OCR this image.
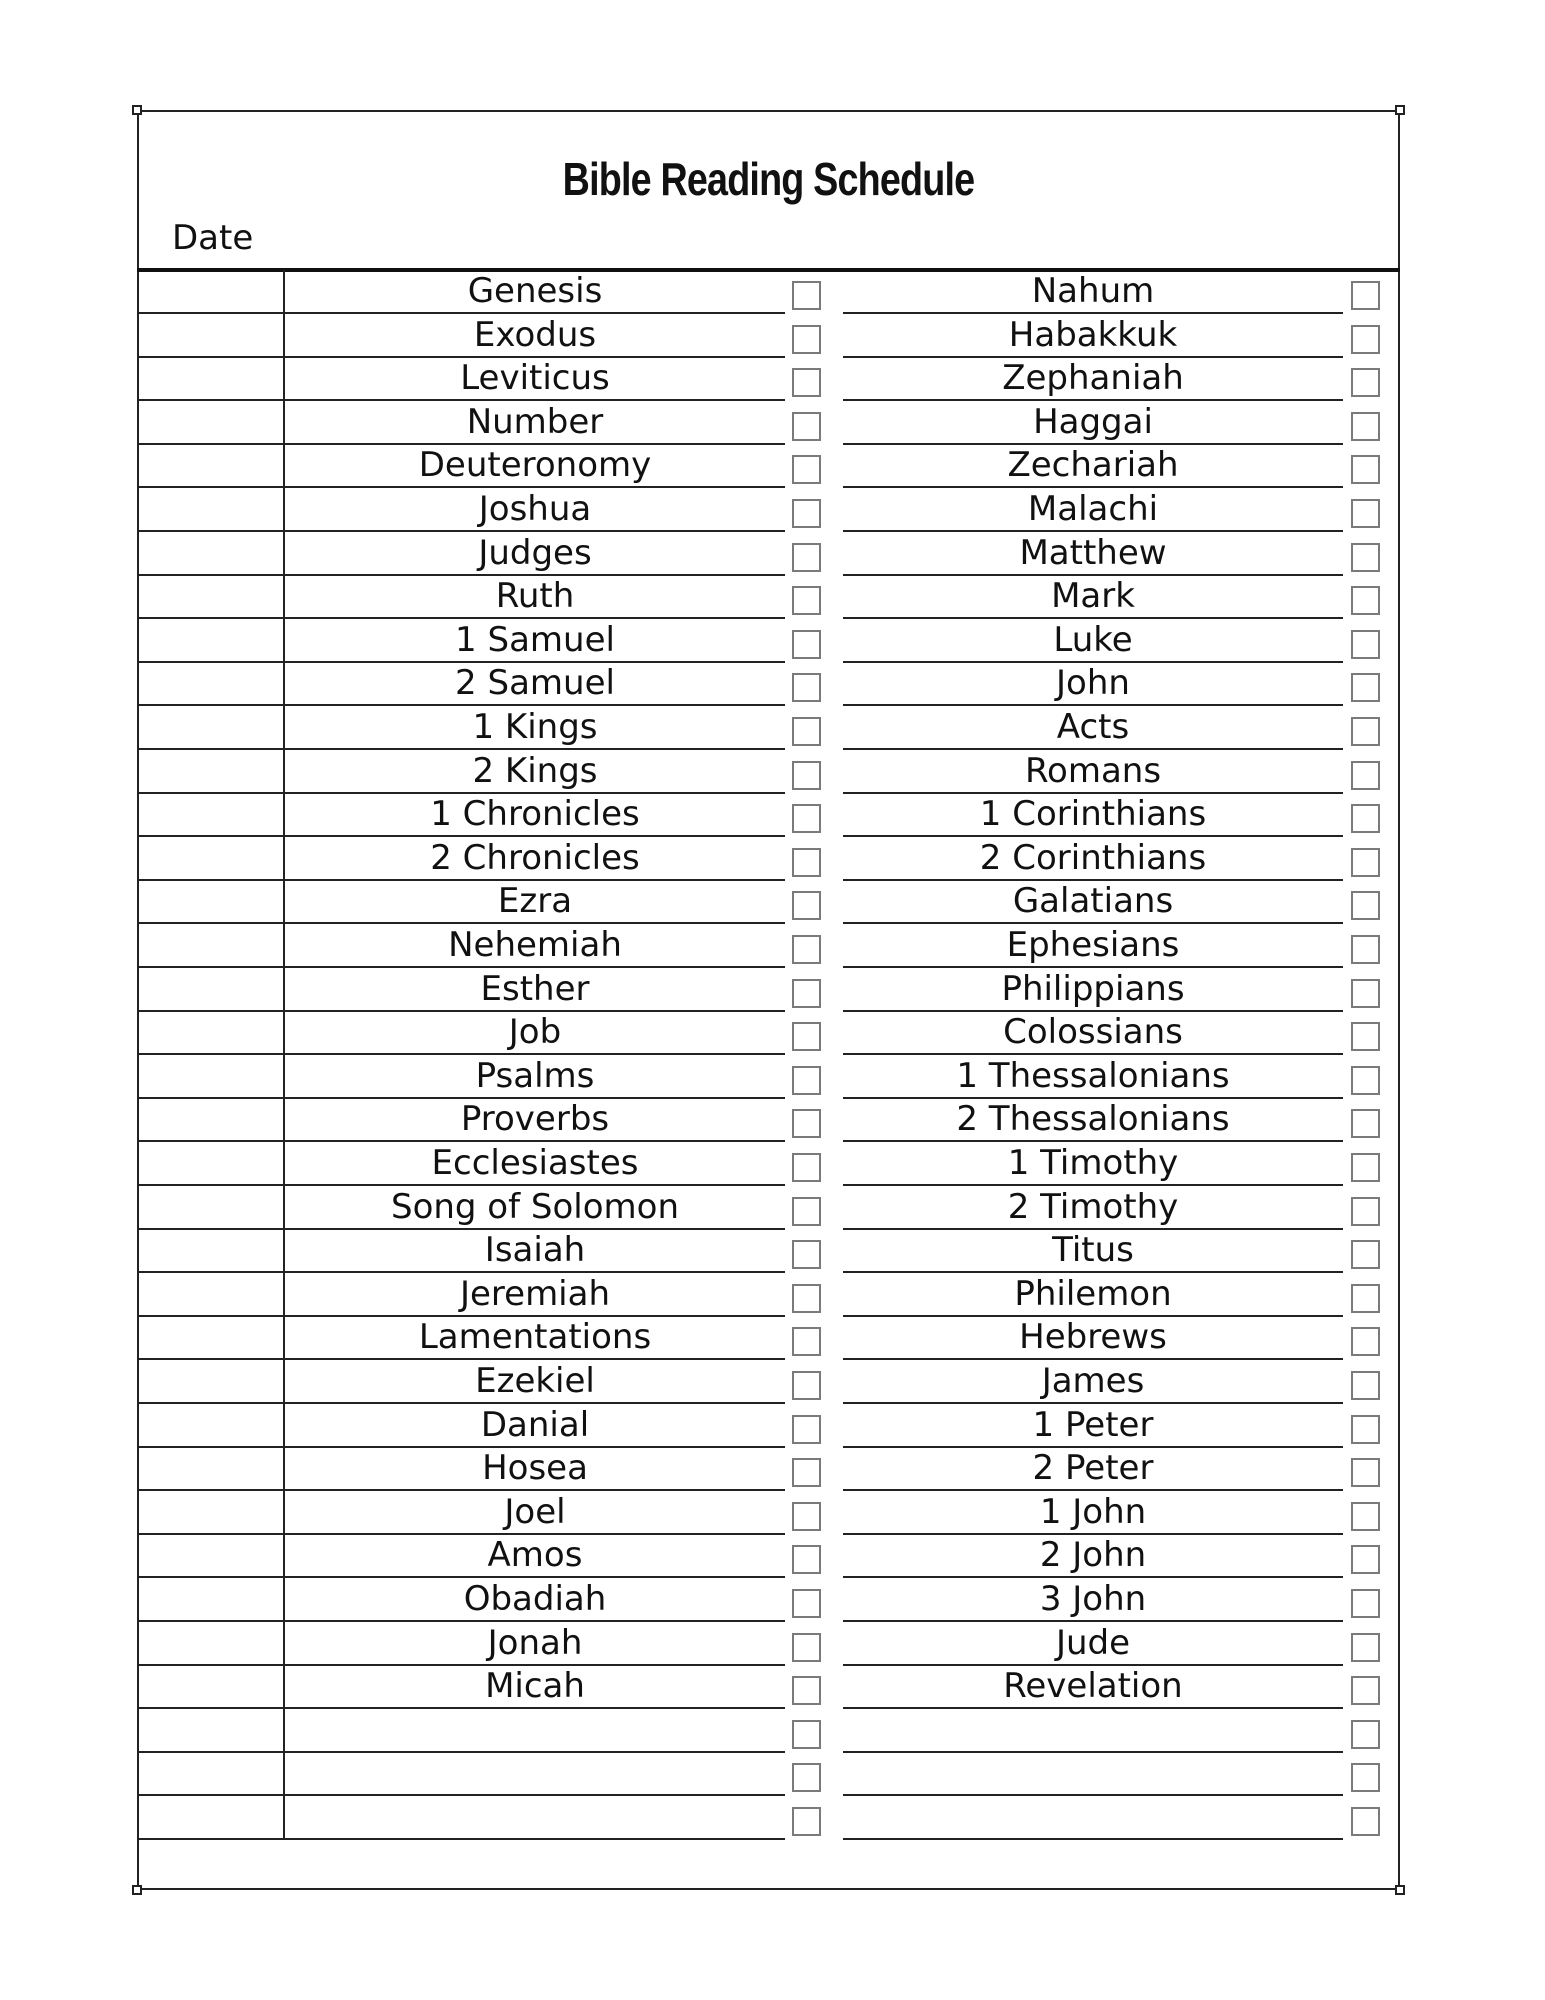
Bible Reading Schedule
Date
Genesis	Nahum
Exodus	Habakkuk
Leviticus	Zephaniah
Number	Haggai
Deuteronomy	Zechariah
Joshua	Malachi
Judges	Matthew
Ruth	Mark
1 Samuel	Luke
2 Samuel	John
1 Kings	Acts
2 Kings	Romans
1 Chronicles	1 Corinthians
2 Chronicles	2 Corinthians
Ezra	Galatians
Nehemiah	Ephesians
Esther	Philippians
Job	Colossians
Psalms	1 Thessalonians
Proverbs	2 Thessalonians
Ecclesiastes	1 Timothy
Song of Solomon	2 Timothy
Isaiah	Titus
Jeremiah	Philemon
Lamentations	Hebrews
Ezekiel	James
Danial	1 Peter
Hosea	2 Peter
Joel	1 John
Amos	2 John
Obadiah	3 John
Jonah	Jude
Micah	Revelation
